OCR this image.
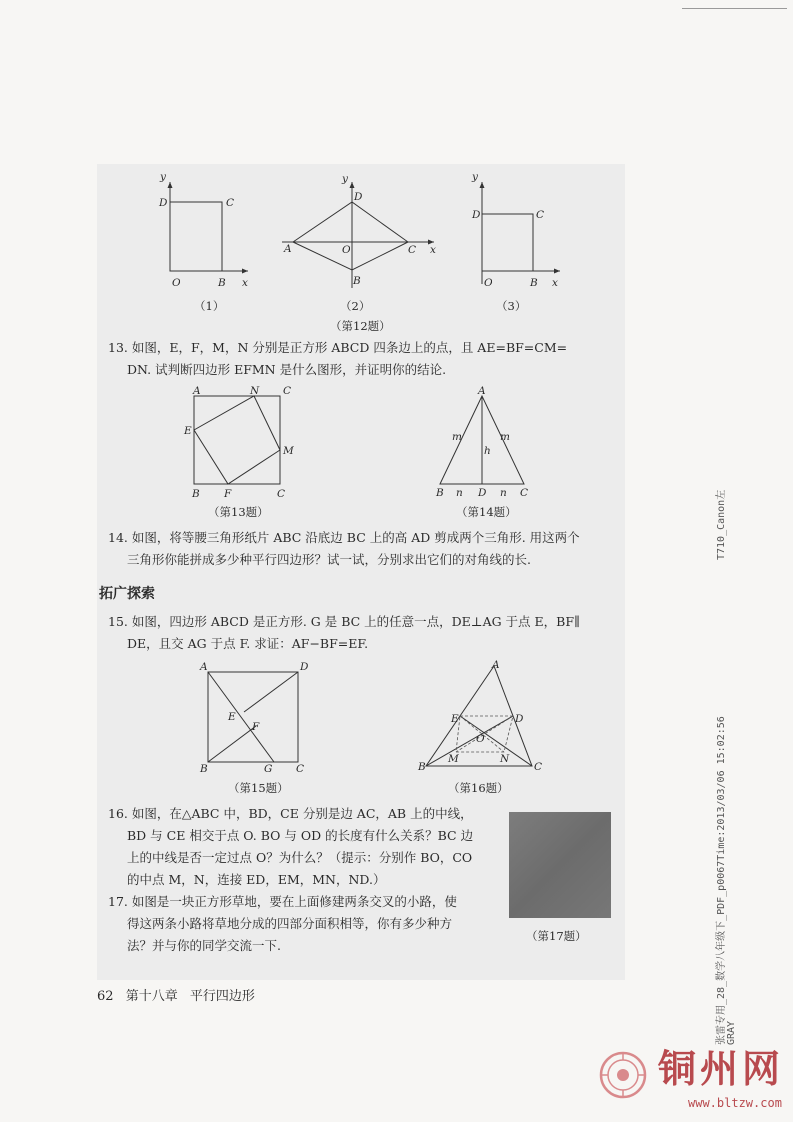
y
D	C
O	B x
（1）
y
D
A	O	C x
B
（2）
y
D	C
O	B x
（3）
（第12题）
13. 如图，E，F，M，N 分别是正方形 ABCD 四条边上的点，且 AE=BF=CM=
DN. 试判断四边形 EFMN 是什么图形，并证明你的结论.
A	N C
E
M
B F	C
（第13题）
A
m	m
h
B n D n C
（第14题）
14. 如图，将等腰三角形纸片 ABC 沿底边 BC 上的高 AD 剪成两个三角形. 用这两个
三角形你能拼成多少种平行四边形？试一试，分别求出它们的对角线的长.
拓广探索
15. 如图，四边形 ABCD 是正方形. G 是 BC 上的任意一点，DE⊥AG 于点 E，BF∥
DE，且交 AG 于点 F. 求证：AF−BF=EF.
A	D
E
F
B	G C
（第15题）
A
E	D
O
M	N
B	C
（第16题）
16. 如图，在△ABC 中，BD，CE 分别是边 AC，AB 上的中线，
BD 与 CE 相交于点 O. BO 与 OD 的长度有什么关系？BC 边
上的中线是否一定过点 O？为什么？（提示：分别作 BO，CO
的中点 M，N，连接 ED，EM，MN，ND.）
17. 如图是一块正方形草地，要在上面修建两条交叉的小路，使
得这两条小路将草地分成的四部分面积相等，你有多少种方
法？并与你的同学交流一下.
（第17题）
62 第十八章 平行四边形
T710_Canon左
张雷专用_28_数学八年级下_PDF_p0067Time:2013/03/06 15:02:56 GRAY
铜州网
www.bltzw.com
